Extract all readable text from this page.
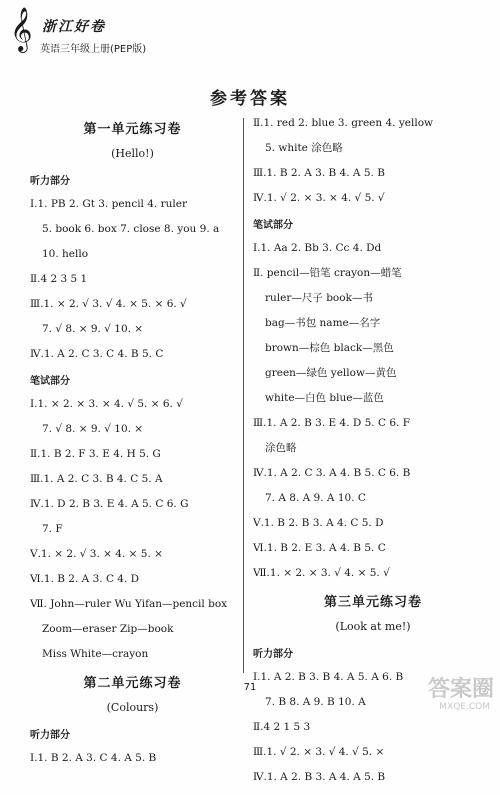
𝄞 浙江好卷
英语三年级上册(PEP版)
参考答案
第一单元练习卷
(Hello!)
听力部分
Ⅰ.1. PB 2. Gt 3. pencil 4. ruler
5. book 6. box 7. close 8. you 9. a
10. hello
Ⅱ.4 2 3 5 1
Ⅲ.1. × 2. √ 3. √ 4. × 5. × 6. √
7. √ 8. × 9. √ 10. ×
Ⅳ.1. A 2. C 3. C 4. B 5. C
笔试部分
Ⅰ.1. × 2. × 3. × 4. √ 5. × 6. √
7. √ 8. × 9. √ 10. ×
Ⅱ.1. B 2. F 3. E 4. H 5. G
Ⅲ.1. A 2. C 3. B 4. C 5. A
Ⅳ.1. D 2. B 3. E 4. A 5. C 6. G
7. F
Ⅴ.1. × 2. √ 3. × 4. × 5. ×
Ⅵ.1. B 2. A 3. C 4. D
Ⅶ. John—ruler Wu Yifan—pencil box
Zoom—eraser Zip—book
Miss White—crayon
第二单元练习卷
(Colours)
听力部分
Ⅰ.1. B 2. A 3. C 4. A 5. B
Ⅱ.1. red 2. blue 3. green 4. yellow
5. white 涂色略
Ⅲ.1. B 2. A 3. B 4. A 5. B
Ⅳ.1. √ 2. × 3. × 4. √ 5. √
笔试部分
Ⅰ.1. Aa 2. Bb 3. Cc 4. Dd
Ⅱ. pencil—铅笔 crayon—蜡笔
ruler—尺子 book—书
bag—书包 name—名字
brown—棕色 black—黑色
green—绿色 yellow—黄色
white—白色 blue—蓝色
Ⅲ.1. A 2. B 3. E 4. D 5. C 6. F
涂色略
Ⅳ.1. A 2. C 3. A 4. B 5. C 6. B
7. A 8. A 9. A 10. C
Ⅴ.1. B 2. B 3. A 4. C 5. D
Ⅵ.1. B 2. E 3. A 4. B 5. C
Ⅶ.1. × 2. × 3. √ 4. × 5. √
第三单元练习卷
(Look at me!)
听力部分
Ⅰ.1. A 2. B 3. B 4. A 5. A 6. B
7. B 8. A 9. B 10. A
Ⅱ.4 2 1 5 3
Ⅲ.1. √ 2. × 3. √ 4. √ 5. ×
Ⅳ.1. A 2. B 3. A 4. A 5. B
71	答案圈
MXQE.COM
